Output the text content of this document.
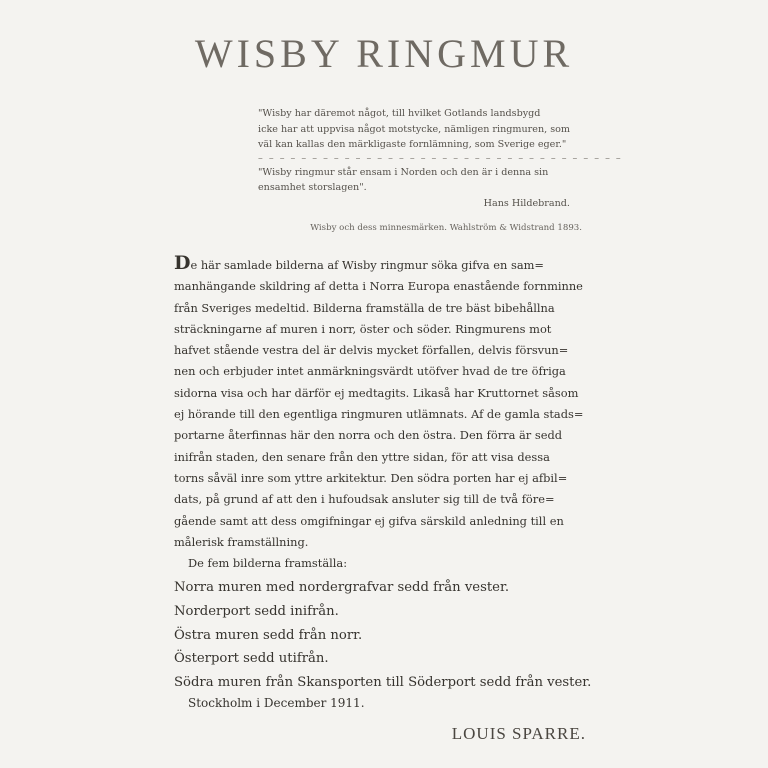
WISBY RINGMUR
"Wisby har däremot något, till hvilket Gotlands landsbygd
icke har att uppvisa något motstycke, nämligen ringmuren, som
väl kan kallas den märkligaste fornlämning, som Sverige eger."
– – – – – – – – – – – – – – – – – – – – – – – – – – – – – – – – – –
"Wisby ringmur står ensam i Norden och den är i denna sin
ensamhet storslagen".
Hans Hildebrand.
Wisby och dess minnesmärken. Wahlström & Widstrand 1893.
De här samlade bilderna af Wisby ringmur söka gifva en sam=
manhängande skildring af detta i Norra Europa enastående fornminne
från Sveriges medeltid. Bilderna framställa de tre bäst bibehållna
sträckningarne af muren i norr, öster och söder. Ringmurens mot
hafvet stående vestra del är delvis mycket förfallen, delvis försvun=
nen och erbjuder intet anmärkningsvärdt utöfver hvad de tre öfriga
sidorna visa och har därför ej medtagits. Likaså har Kruttornet såsom
ej hörande till den egentliga ringmuren utlämnats. Af de gamla stads=
portarne återfinnas här den norra och den östra. Den förra är sedd
inifrån staden, den senare från den yttre sidan, för att visa dessa
torns såväl inre som yttre arkitektur. Den södra porten har ej afbil=
dats, på grund af att den i hufoudsak ansluter sig till de två före=
gående samt att dess omgifningar ej gifva särskild anledning till en
målerisk framställning.
De fem bilderna framställa:
Norra muren med nordergrafvar sedd från vester.
Norderport sedd inifrån.
Östra muren sedd från norr.
Österport sedd utifrån.
Södra muren från Skansporten till Söderport sedd från vester.
Stockholm i December 1911.
LOUIS SPARRE.
